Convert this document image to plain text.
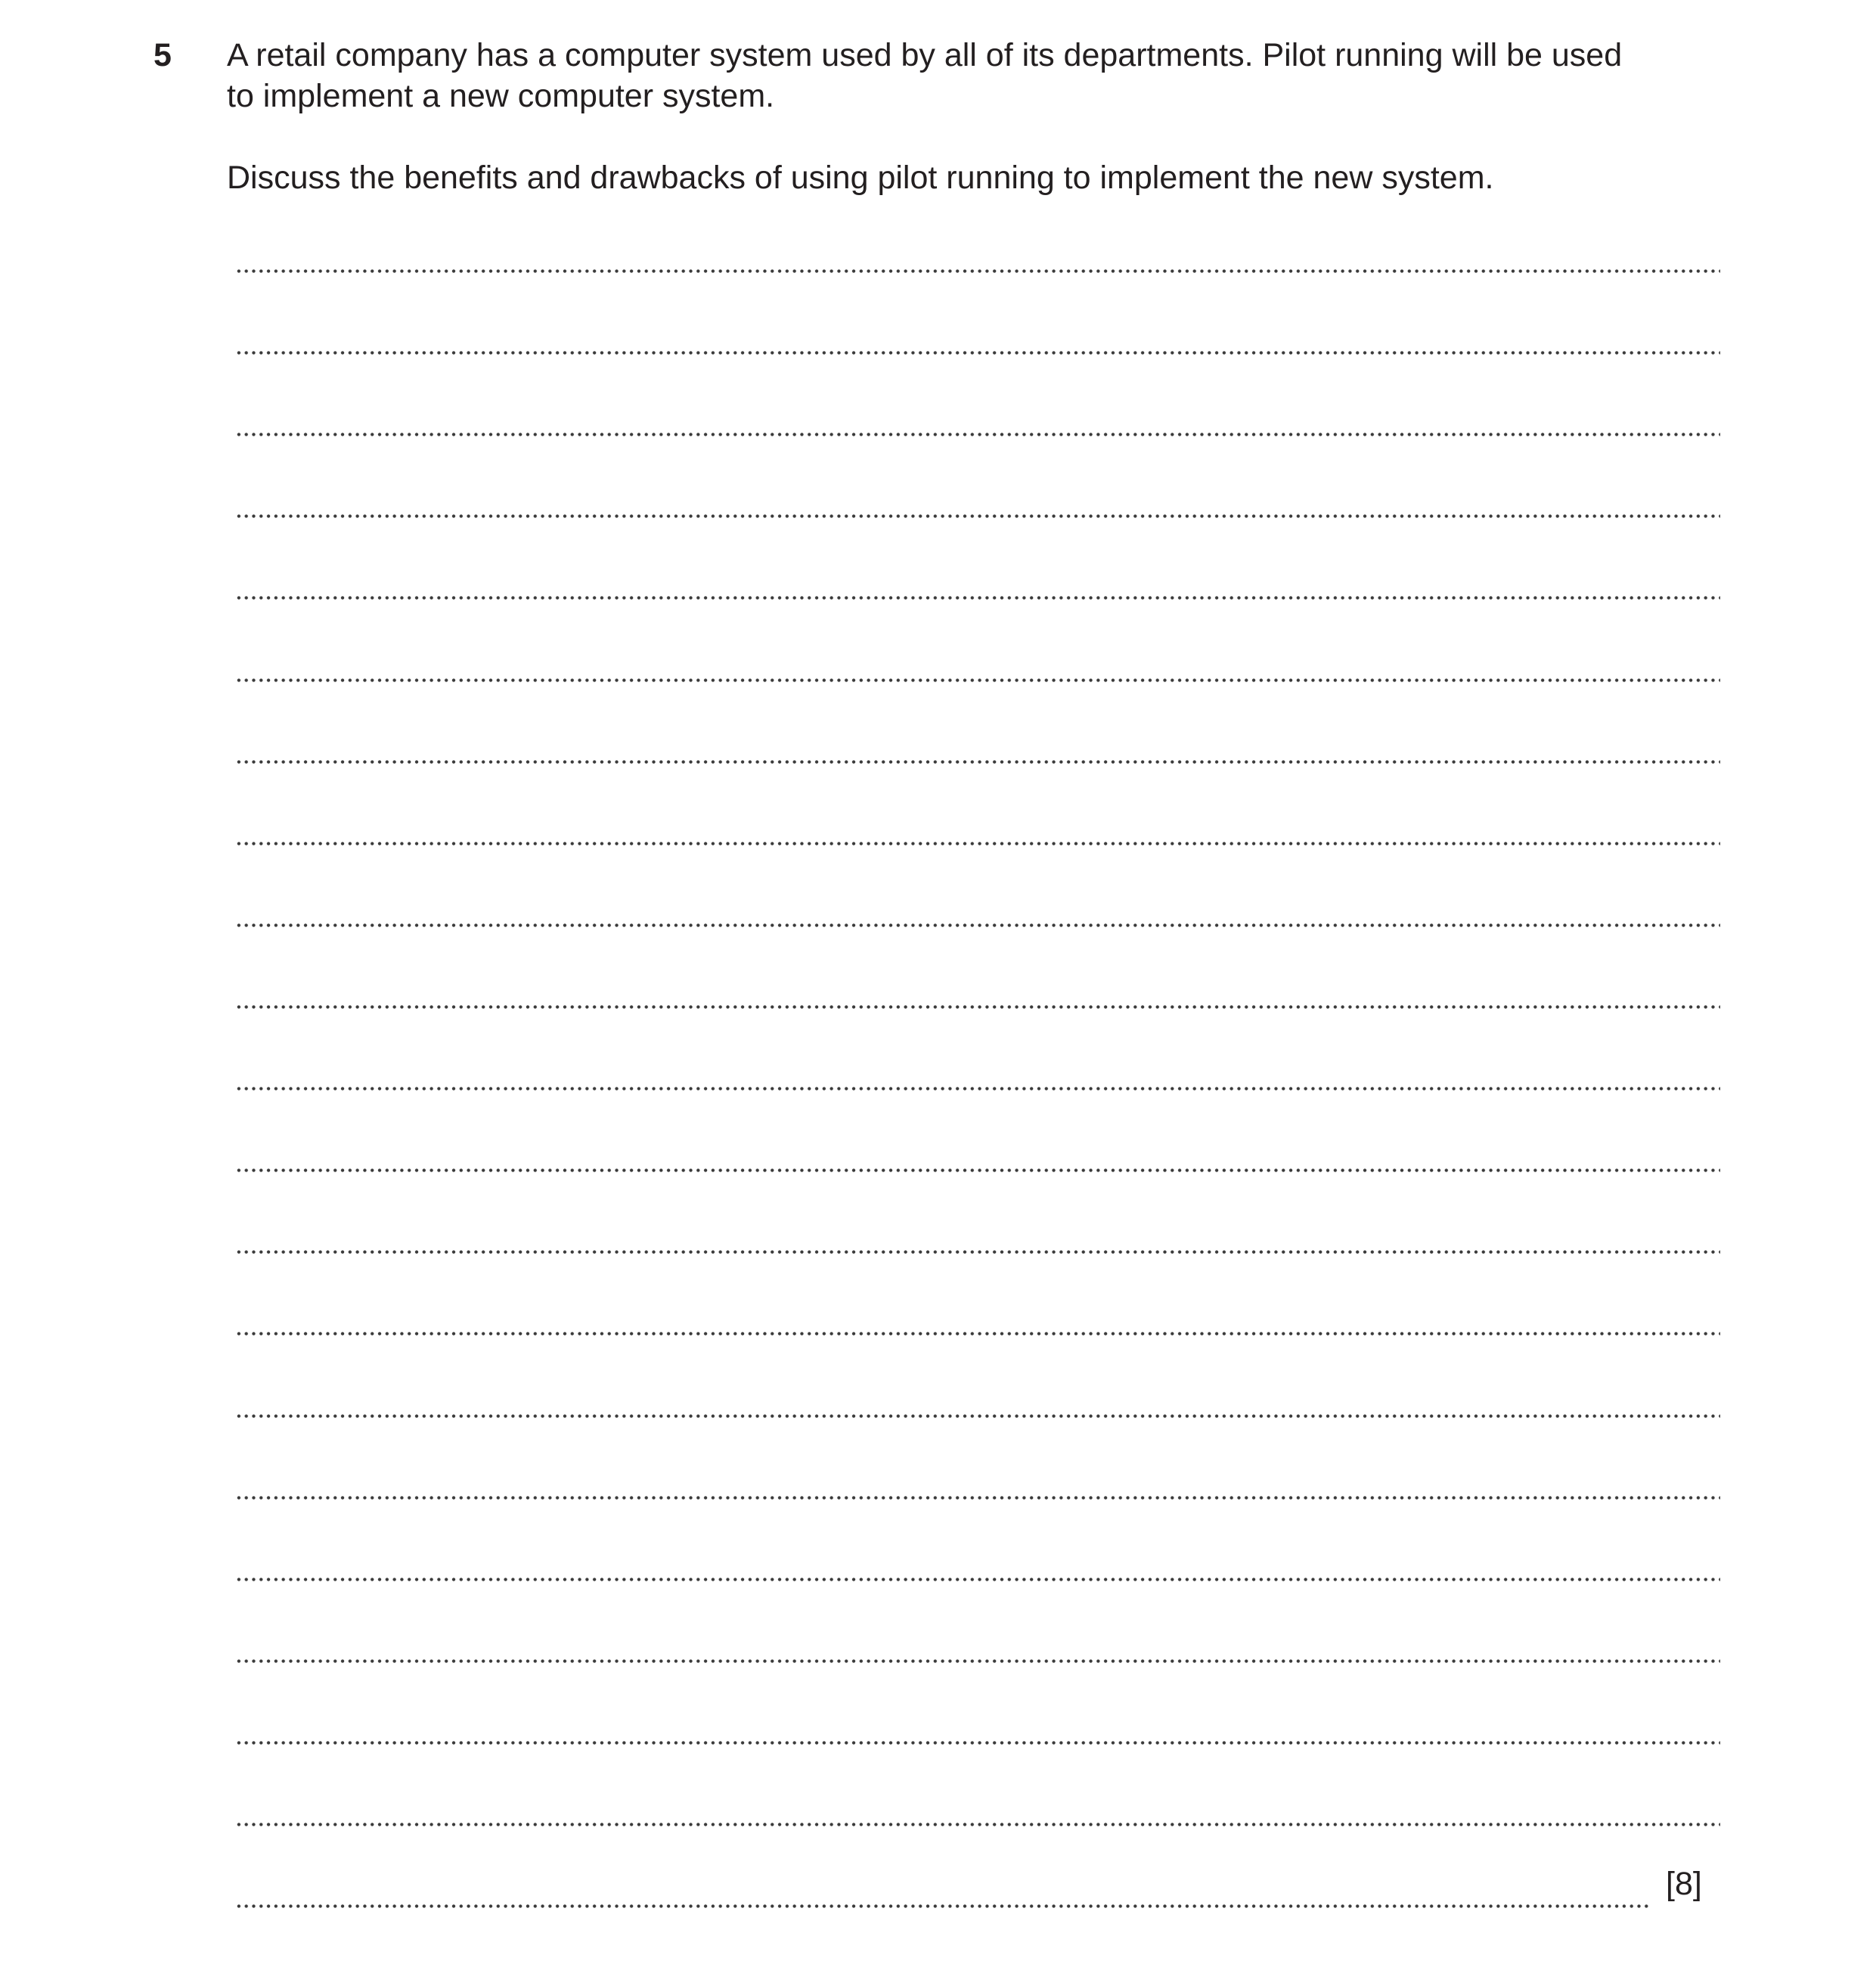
5 A retail company has a computer system used by all of its departments. Pilot running will be used

to implement a new computer system.

Discuss the benefits and drawbacks of using pilot running to implement the new system.
[8]
